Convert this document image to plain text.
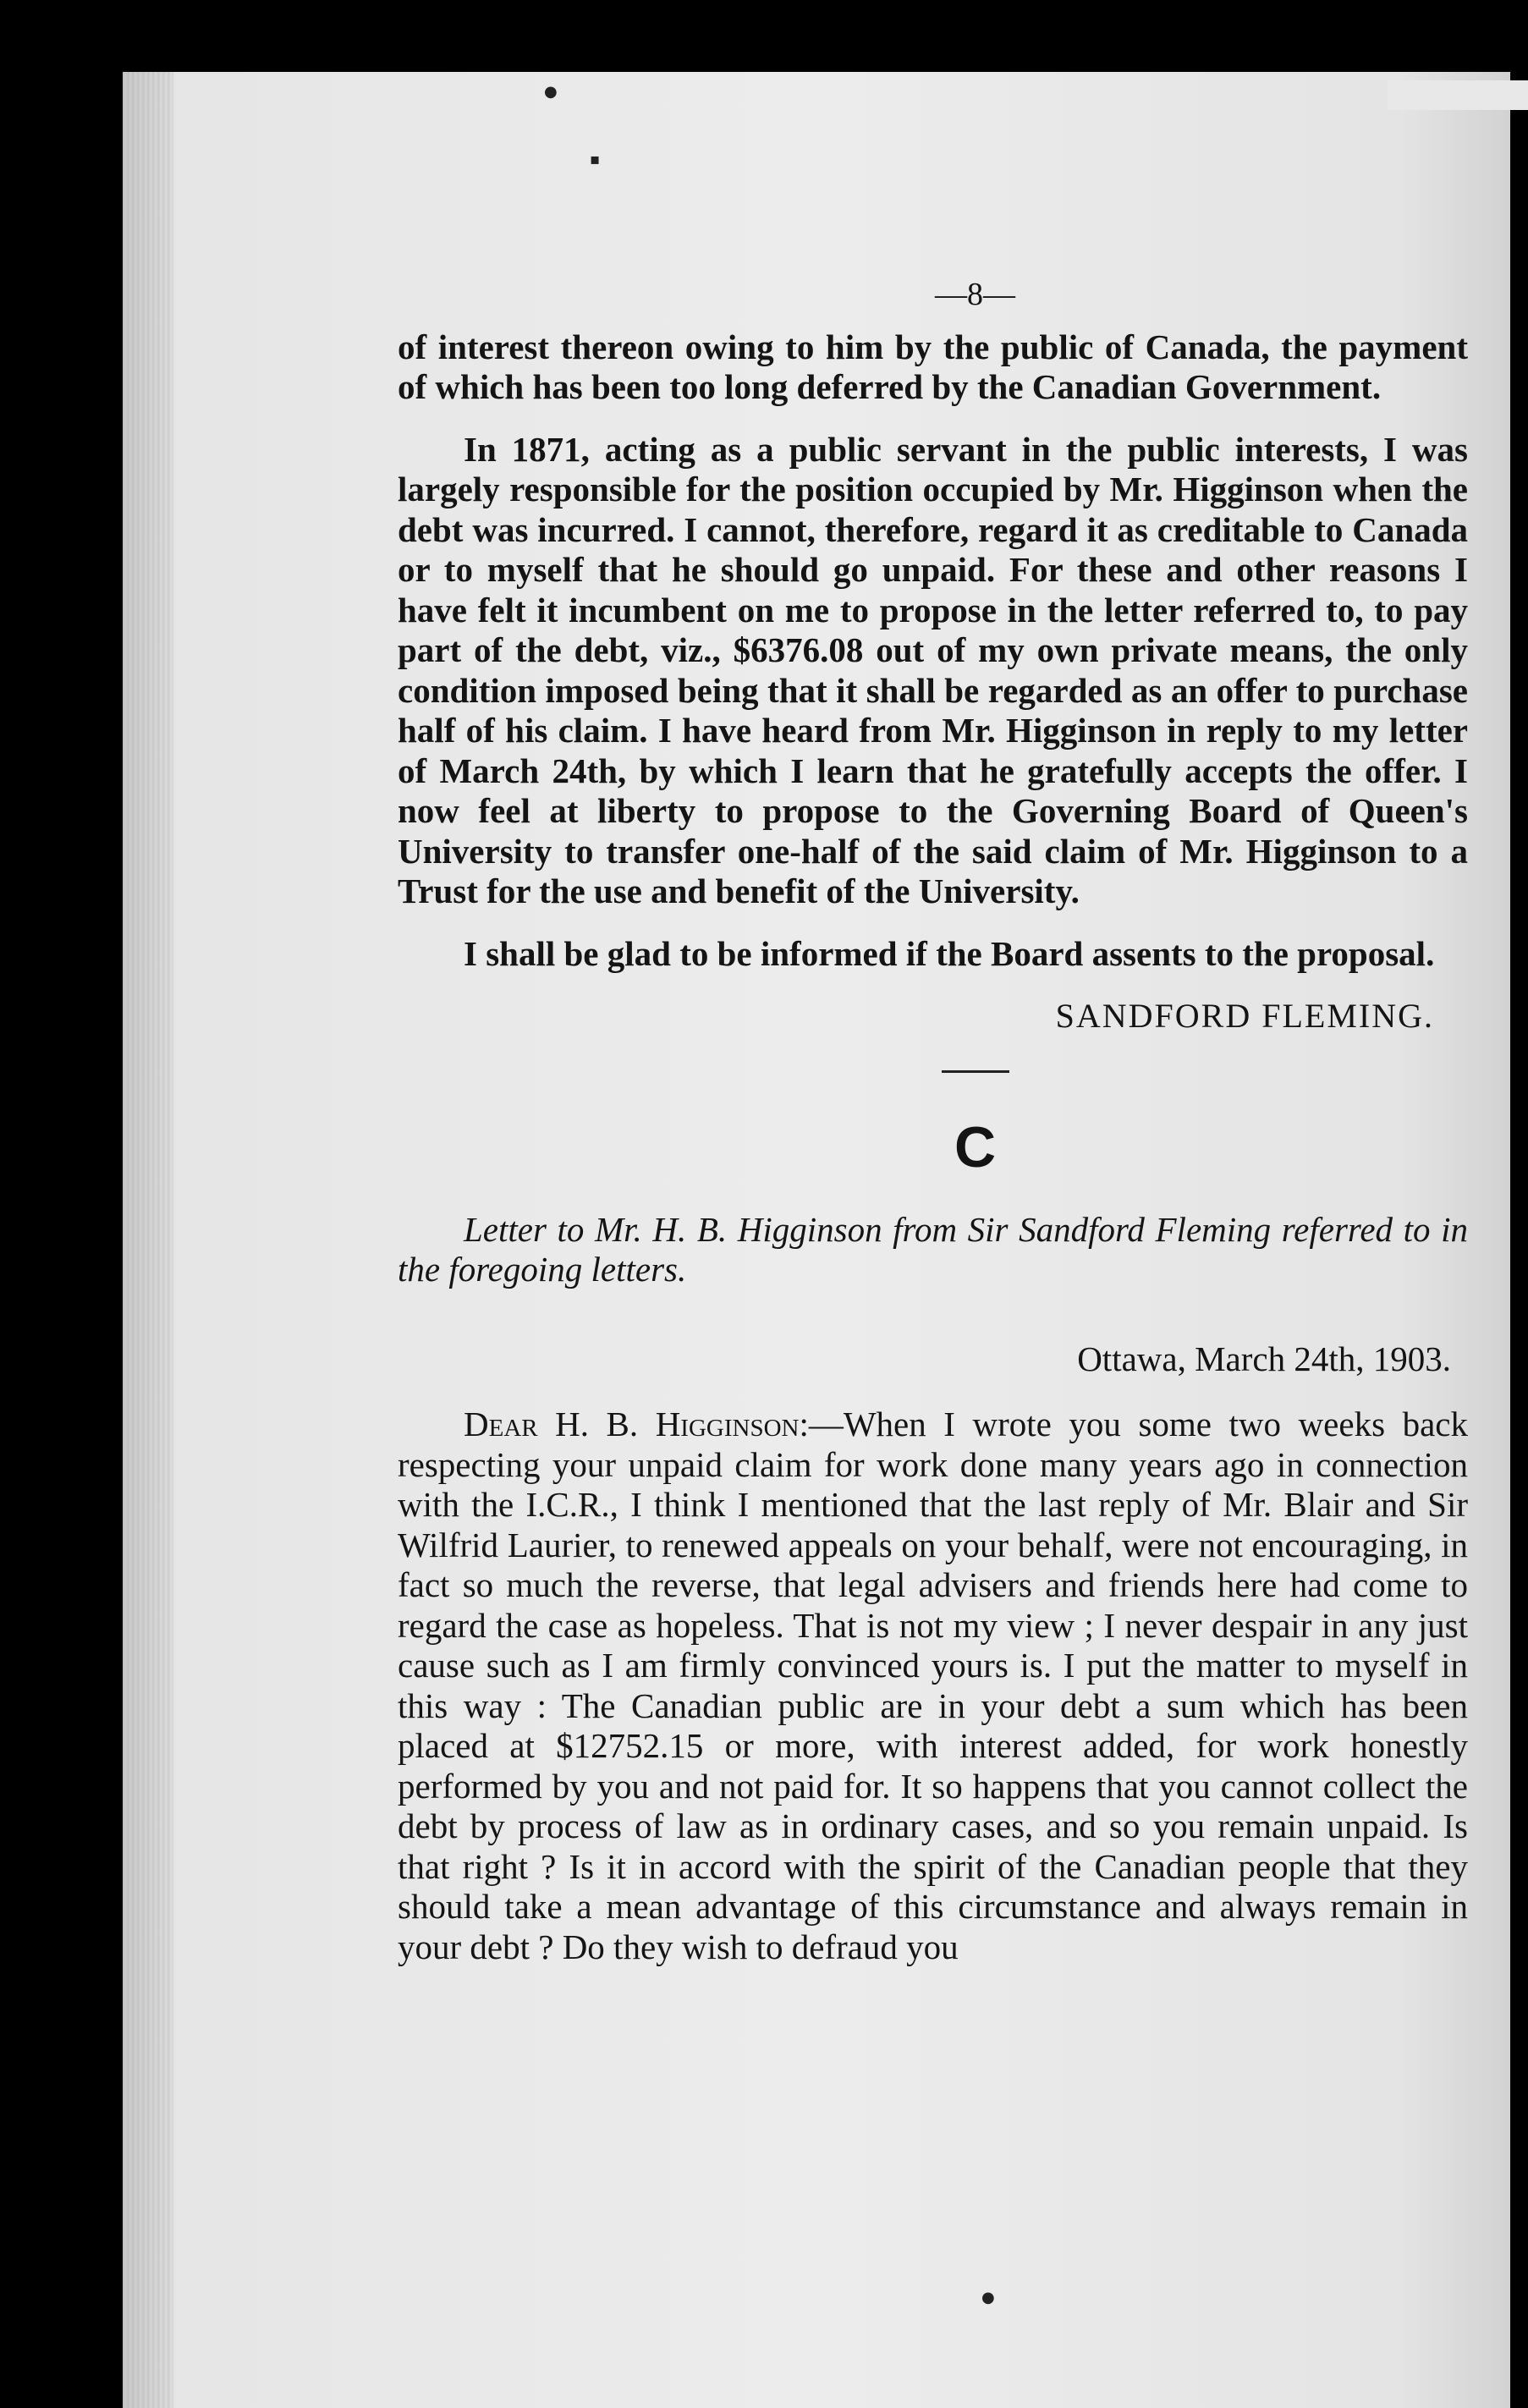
●
▪
●
—8—

of interest thereon owing to him by the public of Canada, the payment of which has been too long deferred by the Canadian Government.

In 1871, acting as a public servant in the public interests, I was largely responsible for the position occupied by Mr. Higginson when the debt was incurred. I cannot, therefore, regard it as creditable to Canada or to myself that he should go unpaid. For these and other reasons I have felt it incumbent on me to propose in the letter referred to, to pay part of the debt, viz., $6376.08 out of my own private means, the only condition imposed being that it shall be regarded as an offer to purchase half of his claim. I have heard from Mr. Higginson in reply to my letter of March 24th, by which I learn that he gratefully accepts the offer. I now feel at liberty to propose to the Governing Board of Queen's University to transfer one-half of the said claim of Mr. Higginson to a Trust for the use and benefit of the University.

I shall be glad to be informed if the Board assents to the proposal.

SANDFORD FLEMING.
C

Letter to Mr. H. B. Higginson from Sir Sandford Fleming referred to in the foregoing letters.

Ottawa, March 24th, 1903.

Dear H. B. Higginson:—When I wrote you some two weeks back respecting your unpaid claim for work done many years ago in connection with the I.C.R., I think I mentioned that the last reply of Mr. Blair and Sir Wilfrid Laurier, to renewed appeals on your behalf, were not encouraging, in fact so much the reverse, that legal advisers and friends here had come to regard the case as hopeless. That is not my view ; I never despair in any just cause such as I am firmly convinced yours is. I put the matter to myself in this way : The Canadian public are in your debt a sum which has been placed at $12752.15 or more, with interest added, for work honestly performed by you and not paid for. It so happens that you cannot collect the debt by process of law as in ordinary cases, and so you remain unpaid. Is that right ? Is it in accord with the spirit of the Canadian people that they should take a mean advantage of this circumstance and always remain in your debt ? Do they wish to defraud you
